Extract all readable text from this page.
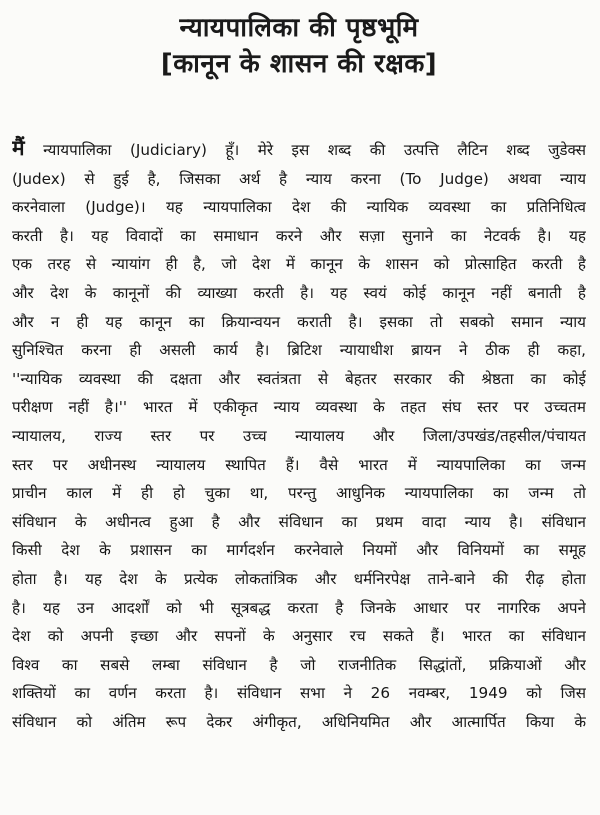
न्यायपालिका की पृष्ठभूमि
[कानून के शासन की रक्षक]
मैं न्यायपालिका (Judiciary) हूँ। मेरे इस शब्द की उत्पत्ति लैटिन शब्द जुडेक्स
(Judex) से हुई है, जिसका अर्थ है न्याय करना (To Judge) अथवा न्याय
करनेवाला (Judge)। यह न्यायपालिका देश की न्यायिक व्यवस्था का प्रतिनिधित्व
करती है। यह विवादों का समाधान करने और सज़ा सुनाने का नेटवर्क है। यह
एक तरह से न्यायांग ही है, जो देश में कानून के शासन को प्रोत्साहित करती है
और देश के कानूनों की व्याख्या करती है। यह स्वयं कोई कानून नहीं बनाती है
और न ही यह कानून का क्रियान्वयन कराती है। इसका तो सबको समान न्याय
सुनिश्चित करना ही असली कार्य है। ब्रिटिश न्यायाधीश ब्रायन ने ठीक ही कहा,
''न्यायिक व्यवस्था की दक्षता और स्वतंत्रता से बेहतर सरकार की श्रेष्ठता का कोई
परीक्षण नहीं है।'' भारत में एकीकृत न्याय व्यवस्था के तहत संघ स्तर पर उच्चतम
न्यायालय, राज्य स्तर पर उच्च न्यायालय और जिला/उपखंड/तहसील/पंचायत
स्तर पर अधीनस्थ न्यायालय स्थापित हैं। वैसे भारत में न्यायपालिका का जन्म
प्राचीन काल में ही हो चुका था, परन्तु आधुनिक न्यायपालिका का जन्म तो
संविधान के अधीनत्व हुआ है और संविधान का प्रथम वादा न्याय है। संविधान
किसी देश के प्रशासन का मार्गदर्शन करनेवाले नियमों और विनियमों का समूह
होता है। यह देश के प्रत्येक लोकतांत्रिक और धर्मनिरपेक्ष ताने-बाने की रीढ़ होता
है। यह उन आदर्शों को भी सूत्रबद्ध करता है जिनके आधार पर नागरिक अपने
देश को अपनी इच्छा और सपनों के अनुसार रच सकते हैं। भारत का संविधान
विश्व का सबसे लम्बा संविधान है जो राजनीतिक सिद्धांतों, प्रक्रियाओं और
शक्तियों का वर्णन करता है। संविधान सभा ने 26 नवम्बर, 1949 को जिस
संविधान को अंतिम रूप देकर अंगीकृत, अधिनियमित और आत्मार्पित किया के
